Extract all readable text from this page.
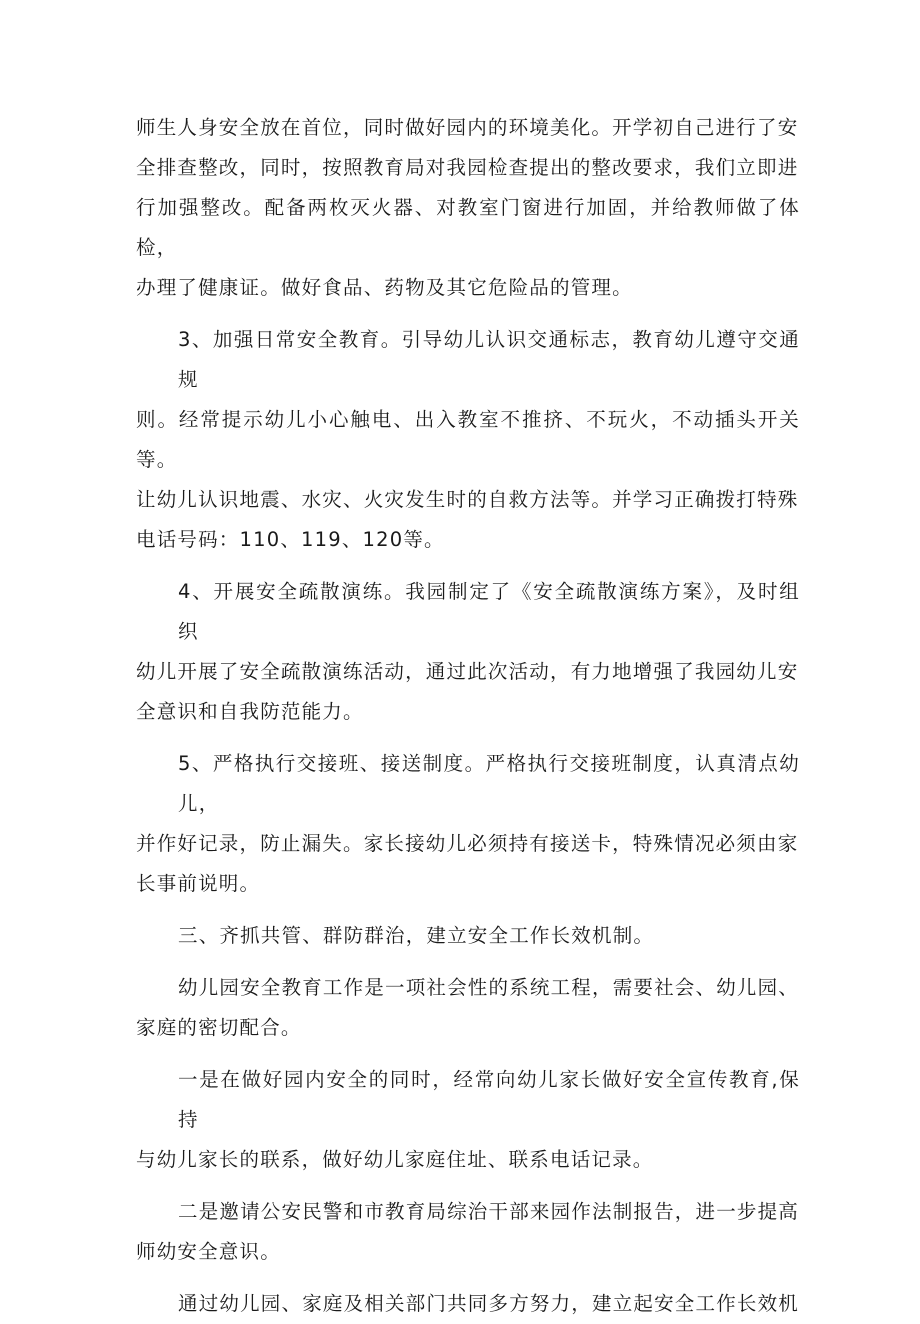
师生人身安全放在首位，同时做好园内的环境美化。开学初自己进行了安
全排查整改，同时，按照教育局对我园检查提出的整改要求，我们立即进
行加强整改。配备两枚灭火器、对教室门窗进行加固，并给教师做了体检，
办理了健康证。做好食品、药物及其它危险品的管理。

3、加强日常安全教育。引导幼儿认识交通标志，教育幼儿遵守交通规
则。经常提示幼儿小心触电、出入教室不推挤、不玩火，不动插头开关等。
让幼儿认识地震、水灾、火灾发生时的自救方法等。并学习正确拨打特殊
电话号码：110、119、120等。

4、开展安全疏散演练。我园制定了《安全疏散演练方案》，及时组织
幼儿开展了安全疏散演练活动，通过此次活动，有力地增强了我园幼儿安
全意识和自我防范能力。

5、严格执行交接班、接送制度。严格执行交接班制度，认真清点幼儿，
并作好记录，防止漏失。家长接幼儿必须持有接送卡，特殊情况必须由家
长事前说明。

三、齐抓共管、群防群治，建立安全工作长效机制。

幼儿园安全教育工作是一项社会性的系统工程，需要社会、幼儿园、
家庭的密切配合。

一是在做好园内安全的同时，经常向幼儿家长做好安全宣传教育,保持
与幼儿家长的联系，做好幼儿家庭住址、联系电话记录。

二是邀请公安民警和市教育局综治干部来园作法制报告，进一步提高
师幼安全意识。

通过幼儿园、家庭及相关部门共同多方努力，建立起安全工作长效机
